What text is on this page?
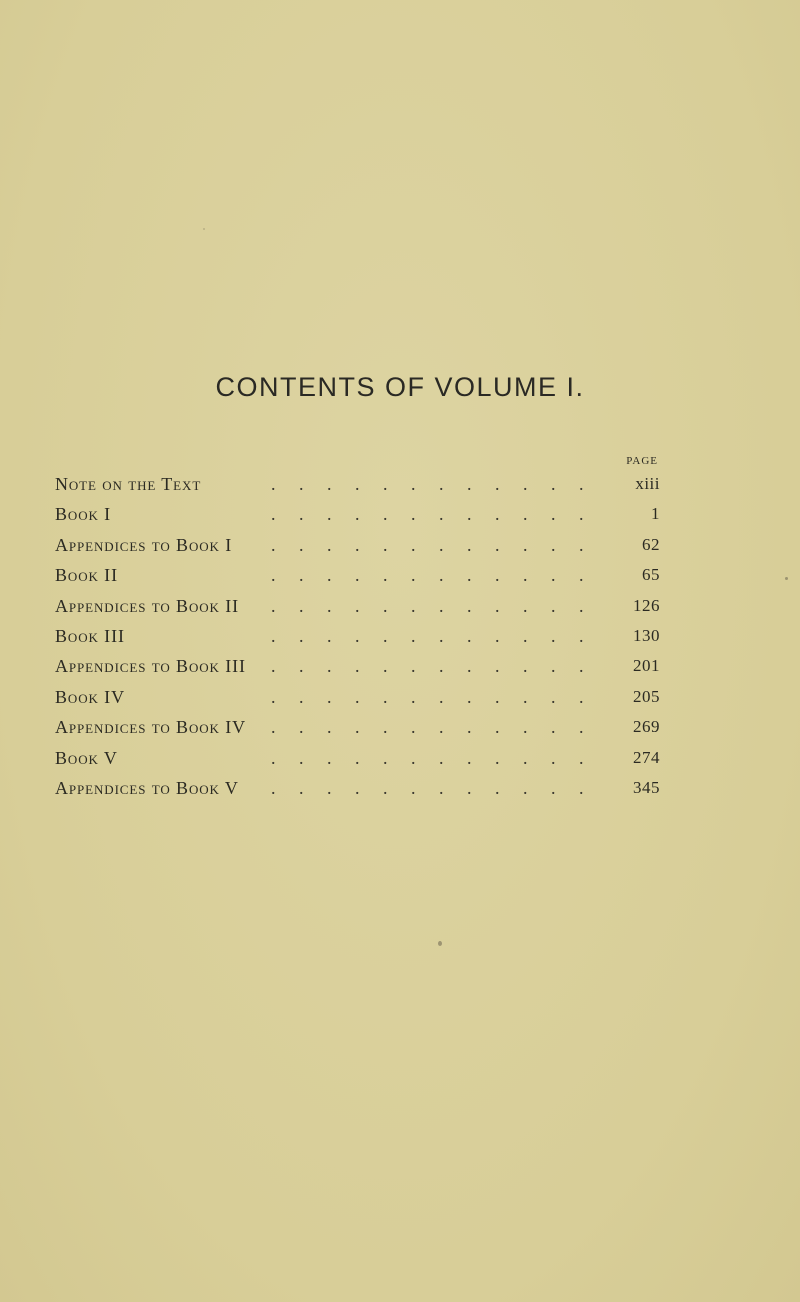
CONTENTS OF VOLUME I.
PAGE
Note on the Text	. . . . . . . . . . . .	xiii
Book I	. . . . . . . . . . . .	1
Appendices to Book I	. . . . . . . . . . . .	62
Book II	. . . . . . . . . . . .	65
Appendices to Book II	. . . . . . . . . . . .	126
Book III	. . . . . . . . . . . .	130
Appendices to Book III	. . . . . . . . . . . .	201
Book IV	. . . . . . . . . . . .	205
Appendices to Book IV	. . . . . . . . . . . .	269
Book V	. . . . . . . . . . . .	274
Appendices to Book V	. . . . . . . . . . . .	345
